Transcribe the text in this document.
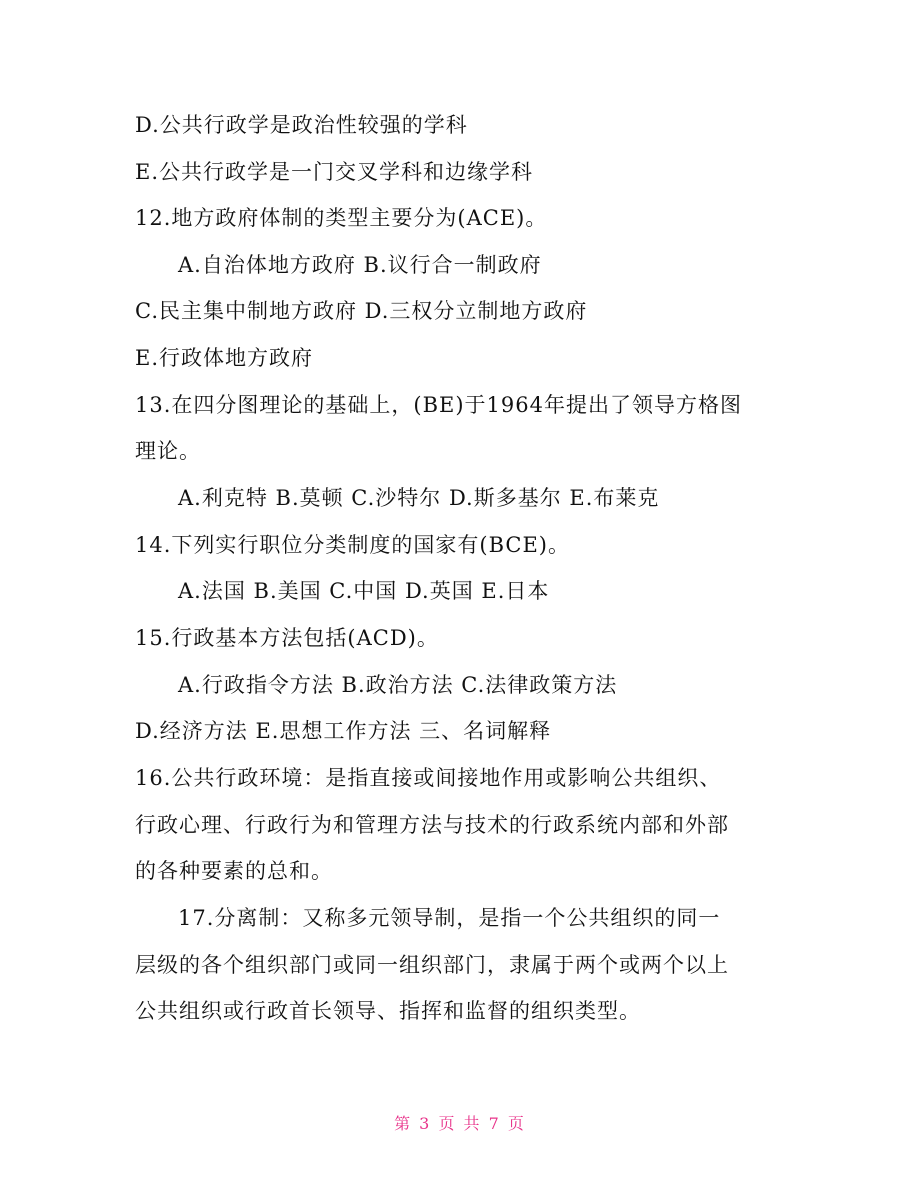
D.公共行政学是政治性较强的学科
E.公共行政学是一门交叉学科和边缘学科
12.地方政府体制的类型主要分为(ACE)。
A.自治体地方政府 B.议行合一制政府
C.民主集中制地方政府 D.三权分立制地方政府
E.行政体地方政府
13.在四分图理论的基础上，(BE)于1964年提出了领导方格图
理论。
A.利克特 B.莫顿 C.沙特尔 D.斯多基尔 E.布莱克
14.下列实行职位分类制度的国家有(BCE)。
A.法国 B.美国 C.中国 D.英国 E.日本
15.行政基本方法包括(ACD)。
A.行政指令方法 B.政治方法 C.法律政策方法
D.经济方法 E.思想工作方法 三、名词解释
16.公共行政环境：是指直接或间接地作用或影响公共组织、
行政心理、行政行为和管理方法与技术的行政系统内部和外部
的各种要素的总和。
17.分离制：又称多元领导制，是指一个公共组织的同一
层级的各个组织部门或同一组织部门，隶属于两个或两个以上
公共组织或行政首长领导、指挥和监督的组织类型。
第 3 页 共 7 页
